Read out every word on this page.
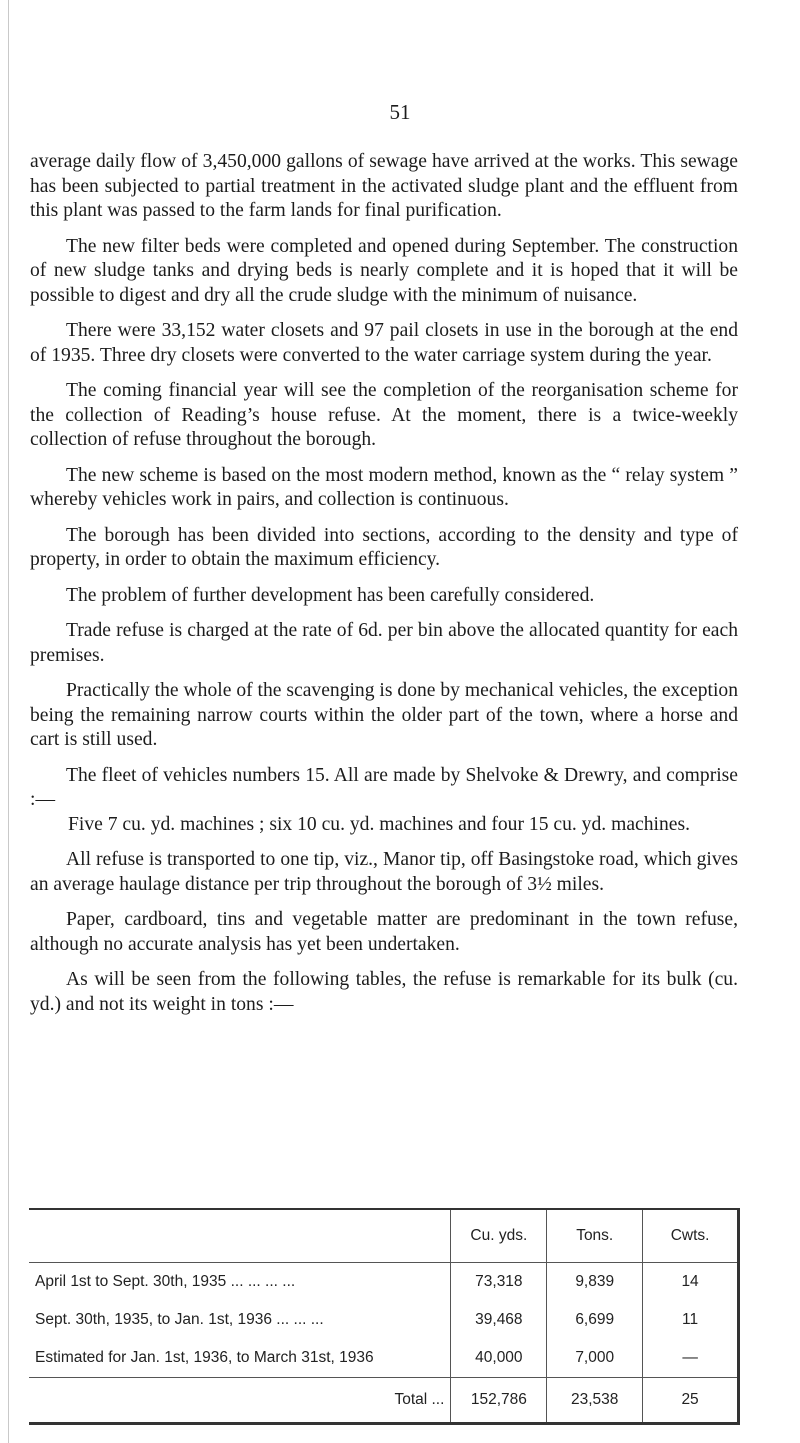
51

average daily flow of 3,450,000 gallons of sewage have arrived at the works. This sewage has been subjected to partial treatment in the activated sludge plant and the effluent from this plant was passed to the farm lands for final purification.

The new filter beds were completed and opened during September. The construction of new sludge tanks and drying beds is nearly complete and it is hoped that it will be possible to digest and dry all the crude sludge with the minimum of nuisance.

There were 33,152 water closets and 97 pail closets in use in the borough at the end of 1935. Three dry closets were converted to the water carriage system during the year.

The coming financial year will see the completion of the reorganisation scheme for the collection of Reading’s house refuse. At the moment, there is a twice-weekly collection of refuse throughout the borough.

The new scheme is based on the most modern method, known as the “ relay system ” whereby vehicles work in pairs, and collection is continuous.

The borough has been divided into sections, according to the density and type of property, in order to obtain the maximum efficiency.

The problem of further development has been carefully considered.

Trade refuse is charged at the rate of 6d. per bin above the allocated quantity for each premises.

Practically the whole of the scavenging is done by mechanical vehicles, the exception being the remaining narrow courts within the older part of the town, where a horse and cart is still used.

The fleet of vehicles numbers 15. All are made by Shelvoke & Drewry, and comprise :—

Five 7 cu. yd. machines ; six 10 cu. yd. machines and four 15 cu. yd. machines.

All refuse is transported to one tip, viz., Manor tip, off Basingstoke road, which gives an average haulage distance per trip throughout the borough of 3½ miles.

Paper, cardboard, tins and vegetable matter are predominant in the town refuse, although no accurate analysis has yet been undertaken.

As will be seen from the following tables, the refuse is remarkable for its bulk (cu. yd.) and not its weight in tons :—

	Cu. yds.	Tons.	Cwts.
April 1st to Sept. 30th, 1935 ... ... ... ...	73,318	9,839	14
Sept. 30th, 1935, to Jan. 1st, 1936 ... ... ...	39,468	6,699	11
Estimated for Jan. 1st, 1936, to March 31st, 1936	40,000	7,000	—
Total ...	152,786	23,538	25
